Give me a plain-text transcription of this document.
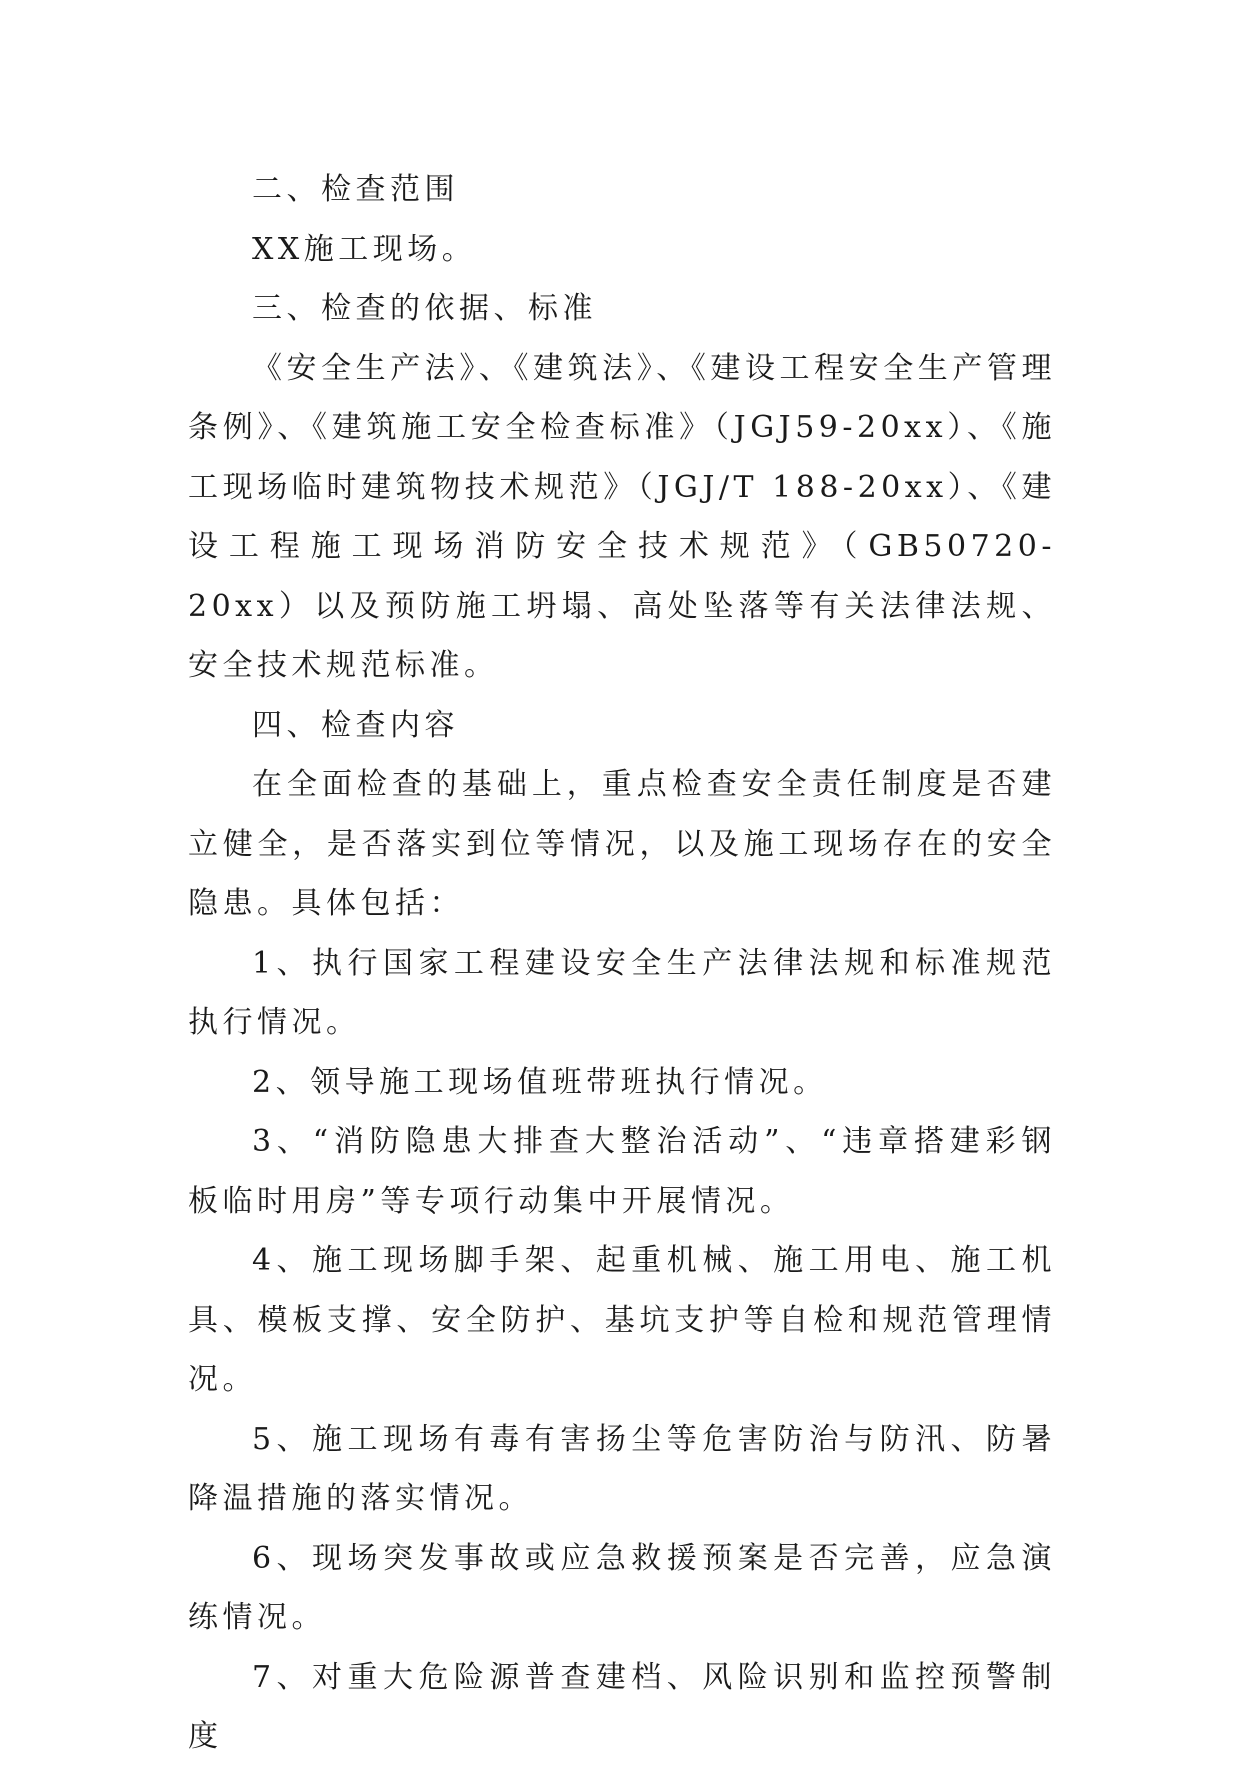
二、检查范围

XX施工现场。

三、检查的依据、标准

《安全生产法》、《建筑法》、《建设工程安全生产管理条例》、《建筑施工安全检查标准》（JGJ59-20xx）、《施工现场临时建筑物技术规范》（JGJ/T 188-20xx）、《建设工程施工现场消防安全技术规范》（GB50720-20xx）以及预防施工坍塌、高处坠落等有关法律法规、安全技术规范标准。

四、检查内容

在全面检查的基础上，重点检查安全责任制度是否建立健全，是否落实到位等情况，以及施工现场存在的安全隐患。具体包括：

1、执行国家工程建设安全生产法律法规和标准规范执行情况。

2、领导施工现场值班带班执行情况。

3、“消防隐患大排查大整治活动”、“违章搭建彩钢板临时用房”等专项行动集中开展情况。

4、施工现场脚手架、起重机械、施工用电、施工机具、模板支撑、安全防护、基坑支护等自检和规范管理情况。

5、施工现场有毒有害扬尘等危害防治与防汛、防暑降温措施的落实情况。

6、现场突发事故或应急救援预案是否完善，应急演练情况。

7、对重大危险源普查建档、风险识别和监控预警制度
